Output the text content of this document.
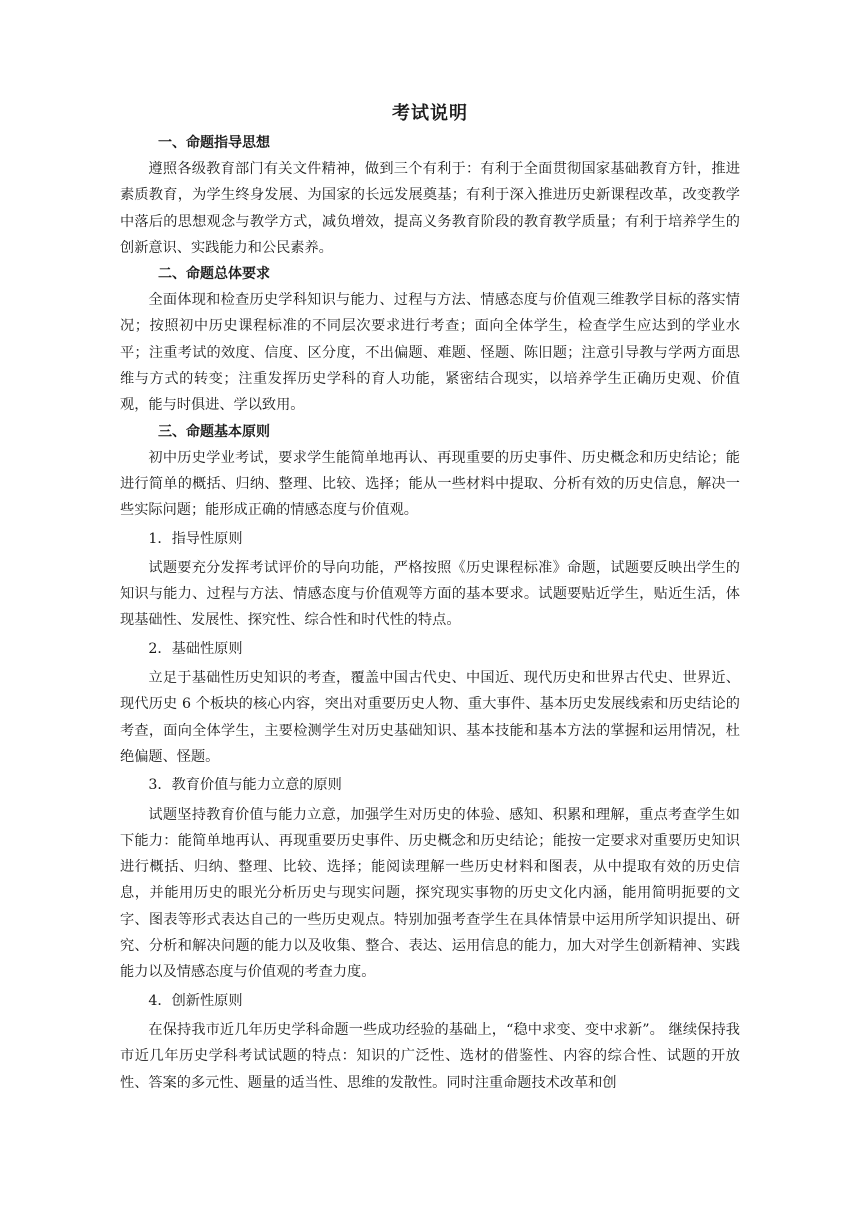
考试说明
一、命题指导思想

遵照各级教育部门有关文件精神，做到三个有利于：有利于全面贯彻国家基础教育方针，推进素质教育，为学生终身发展、为国家的长远发展奠基；有利于深入推进历史新课程改革，改变教学中落后的思想观念与教学方式，减负增效，提高义务教育阶段的教育教学质量；有利于培养学生的创新意识、实践能力和公民素养。

二、命题总体要求

全面体现和检查历史学科知识与能力、过程与方法、情感态度与价值观三维教学目标的落实情况；按照初中历史课程标准的不同层次要求进行考查；面向全体学生，检查学生应达到的学业水平；注重考试的效度、信度、区分度，不出偏题、难题、怪题、陈旧题；注意引导教与学两方面思维与方式的转变；注重发挥历史学科的育人功能，紧密结合现实，以培养学生正确历史观、价值观，能与时俱进、学以致用。

三、命题基本原则

初中历史学业考试，要求学生能简单地再认、再现重要的历史事件、历史概念和历史结论；能进行简单的概括、归纳、整理、比较、选择；能从一些材料中提取、分析有效的历史信息，解决一些实际问题；能形成正确的情感态度与价值观。

1．指导性原则

试题要充分发挥考试评价的导向功能，严格按照《历史课程标准》命题，试题要反映出学生的知识与能力、过程与方法、情感态度与价值观等方面的基本要求。试题要贴近学生，贴近生活，体现基础性、发展性、探究性、综合性和时代性的特点。

2．基础性原则

立足于基础性历史知识的考查，覆盖中国古代史、中国近、现代历史和世界古代史、世界近、现代历史 6 个板块的核心内容，突出对重要历史人物、重大事件、基本历史发展线索和历史结论的考查，面向全体学生，主要检测学生对历史基础知识、基本技能和基本方法的掌握和运用情况，杜绝偏题、怪题。

3．教育价值与能力立意的原则

试题坚持教育价值与能力立意，加强学生对历史的体验、感知、积累和理解，重点考查学生如下能力：能简单地再认、再现重要历史事件、历史概念和历史结论；能按一定要求对重要历史知识进行概括、归纳、整理、比较、选择；能阅读理解一些历史材料和图表，从中提取有效的历史信息，并能用历史的眼光分析历史与现实问题，探究现实事物的历史文化内涵，能用简明扼要的文字、图表等形式表达自己的一些历史观点。特别加强考查学生在具体情景中运用所学知识提出、研究、分析和解决问题的能力以及收集、整合、表达、运用信息的能力，加大对学生创新精神、实践能力以及情感态度与价值观的考查力度。

4．创新性原则

在保持我市近几年历史学科命题一些成功经验的基础上，“稳中求变、变中求新”。 继续保持我市近几年历史学科考试试题的特点：知识的广泛性、选材的借鉴性、内容的综合性、试题的开放性、答案的多元性、题量的适当性、思维的发散性。同时注重命题技术改革和创
